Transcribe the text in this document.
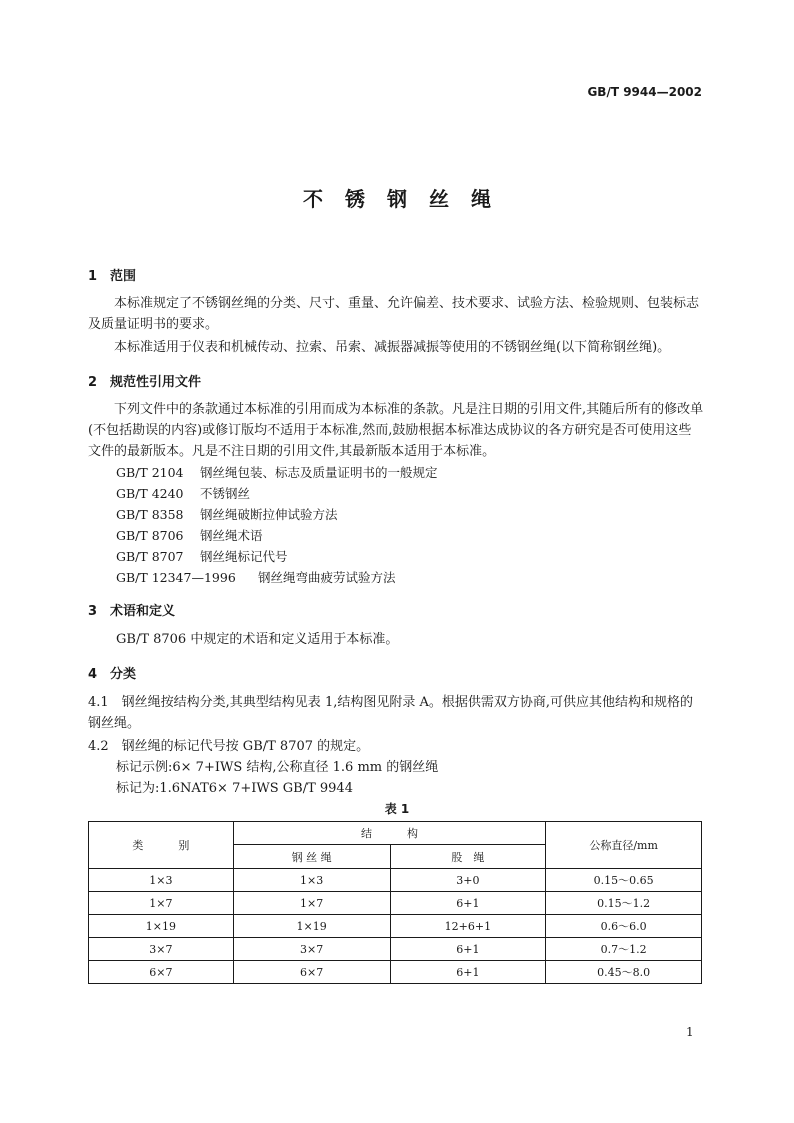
GB/T 9944—2002
不锈钢丝绳
1 范围
本标准规定了不锈钢丝绳的分类、尺寸、重量、允许偏差、技术要求、试验方法、检验规则、包装标志及质量证明书的要求。
本标准适用于仪表和机械传动、拉索、吊索、减振器减振等使用的不锈钢丝绳(以下简称钢丝绳)。
2 规范性引用文件
下列文件中的条款通过本标准的引用而成为本标准的条款。凡是注日期的引用文件,其随后所有的修改单(不包括勘误的内容)或修订版均不适用于本标准,然而,鼓励根据本标准达成协议的各方研究是否可使用这些文件的最新版本。凡是不注日期的引用文件,其最新版本适用于本标准。
GB/T 2104 钢丝绳包装、标志及质量证明书的一般规定
GB/T 4240 不锈钢丝
GB/T 8358 钢丝绳破断拉伸试验方法
GB/T 8706 钢丝绳术语
GB/T 8707 钢丝绳标记代号
GB/T 12347—1996 钢丝绳弯曲疲劳试验方法
3 术语和定义
GB/T 8706 中规定的术语和定义适用于本标准。
4 分类
4.1　钢丝绳按结构分类,其典型结构见表 1,结构图见附录 A。根据供需双方协商,可供应其他结构和规格的钢丝绳。
4.2　钢丝绳的标记代号按 GB/T 8707 的规定。
标记示例:6× 7+IWS 结构,公称直径 1.6 mm 的钢丝绳
标记为:1.6NAT6× 7+IWS GB/T 9944
表 1
类　别	结　构		公称直径/mm
	钢 丝 绳	股　绳	
1×3	1×3	3+0	0.15～0.65
1×7	1×7	6+1	0.15～1.2
1×19	1×19	12+6+1	0.6～6.0
3×7	3×7	6+1	0.7～1.2
6×7	6×7	6+1	0.45～8.0
1
